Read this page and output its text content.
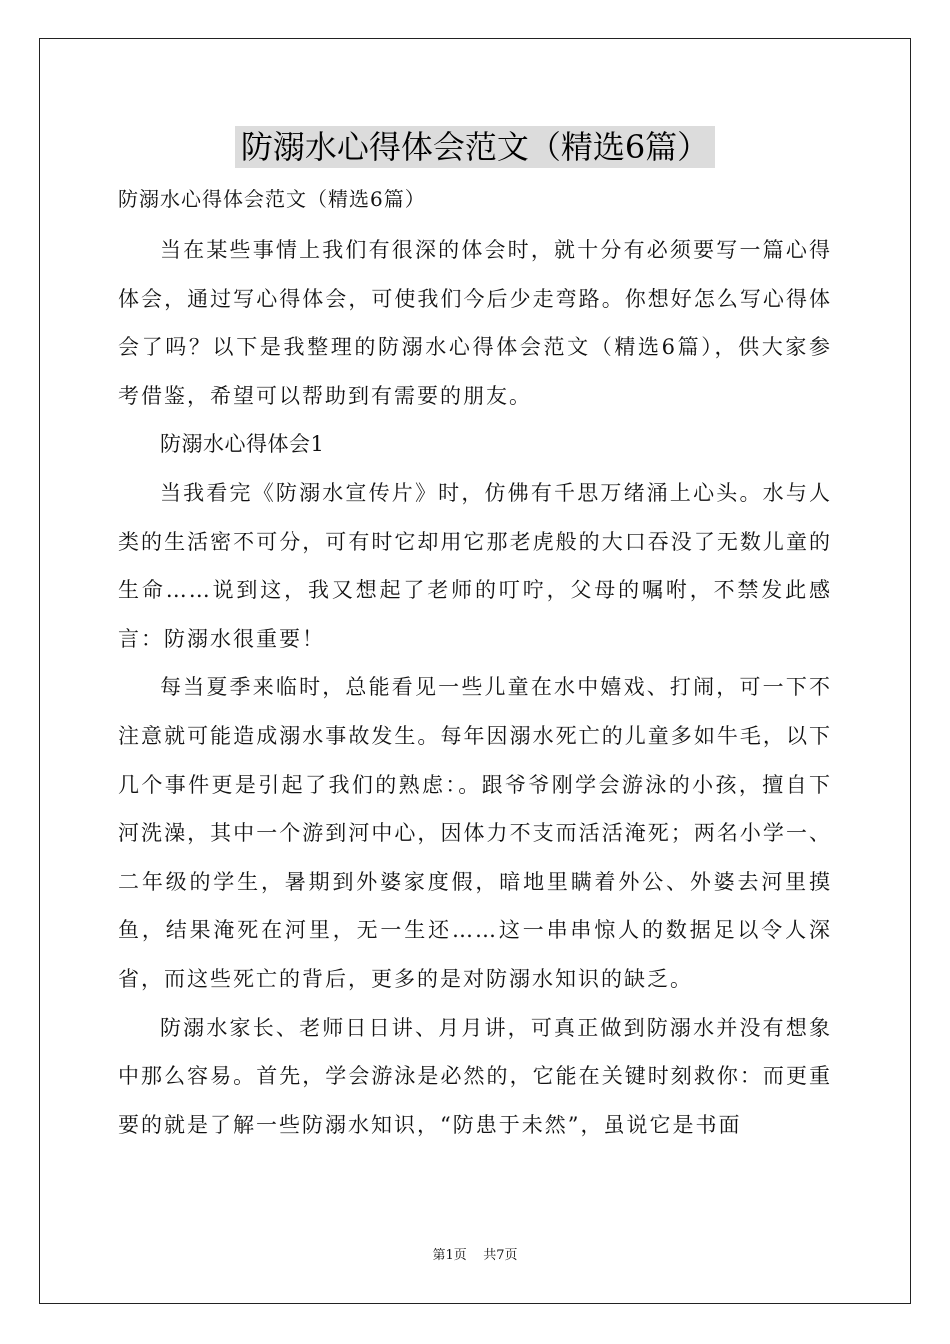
防溺水心得体会范文（精选6篇）
防溺水心得体会范文（精选6篇）

当在某些事情上我们有很深的体会时，就十分有必须要写一篇心得体会，通过写心得体会，可使我们今后少走弯路。你想好怎么写心得体会了吗？以下是我整理的防溺水心得体会范文（精选6篇），供大家参考借鉴，希望可以帮助到有需要的朋友。

防溺水心得体会1

当我看完《防溺水宣传片》时，仿佛有千思万绪涌上心头。水与人类的生活密不可分，可有时它却用它那老虎般的大口吞没了无数儿童的生命……说到这，我又想起了老师的叮咛，父母的嘱咐，不禁发此感言：防溺水很重要！

每当夏季来临时，总能看见一些儿童在水中嬉戏、打闹，可一下不注意就可能造成溺水事故发生。每年因溺水死亡的儿童多如牛毛，以下几个事件更是引起了我们的熟虑：。跟爷爷刚学会游泳的小孩，擅自下河洗澡，其中一个游到河中心，因体力不支而活活淹死；两名小学一、二年级的学生，暑期到外婆家度假，暗地里瞒着外公、外婆去河里摸鱼，结果淹死在河里，无一生还……这一串串惊人的数据足以令人深省，而这些死亡的背后，更多的是对防溺水知识的缺乏。

防溺水家长、老师日日讲、月月讲，可真正做到防溺水并没有想象中那么容易。首先，学会游泳是必然的，它能在关键时刻救你：而更重要的就是了解一些防溺水知识，“防患于未然”，虽说它是书面

第1页    共7页
